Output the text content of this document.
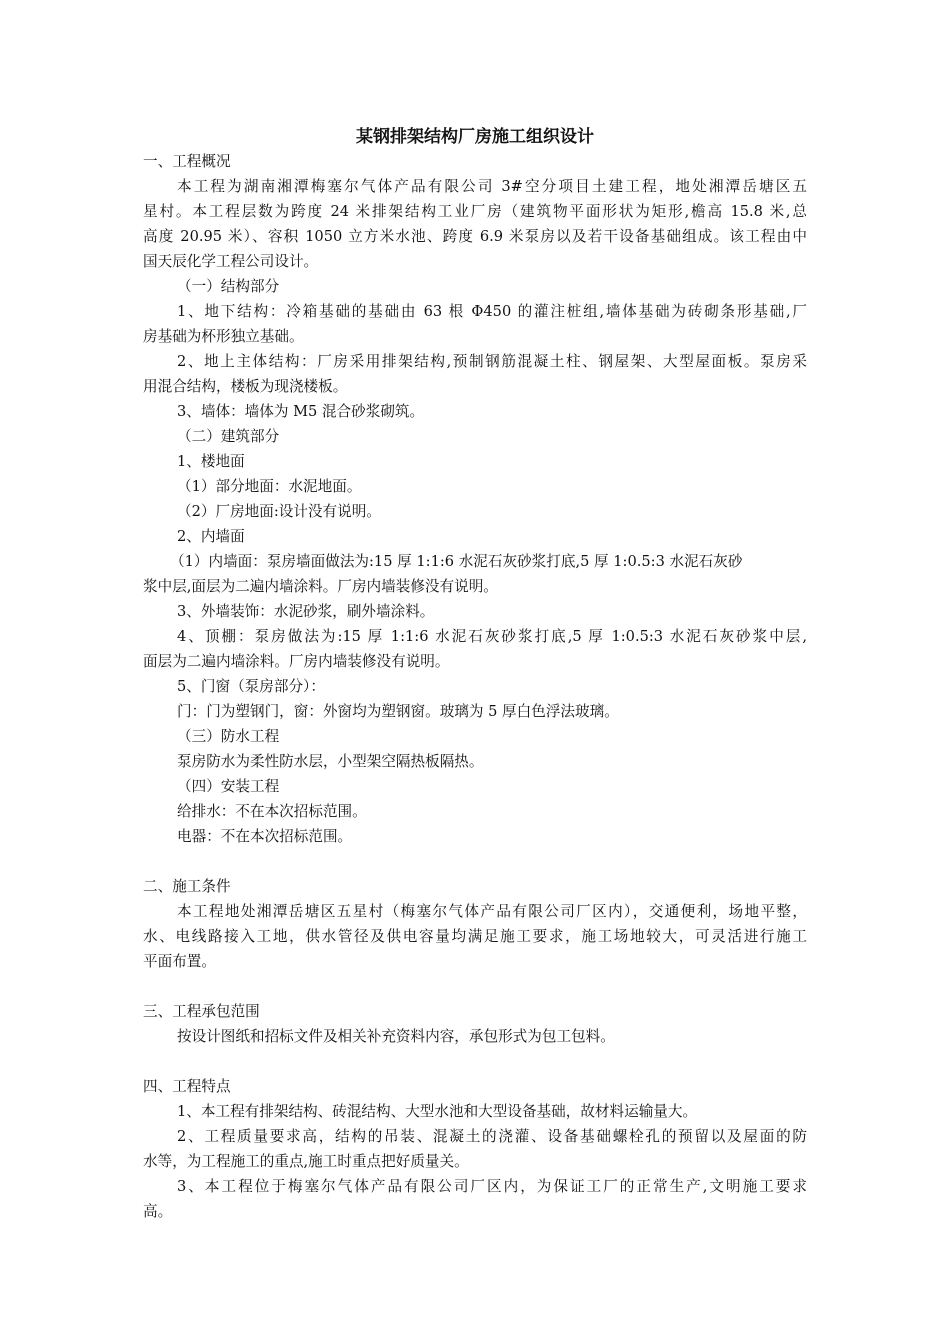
某钢排架结构厂房施工组织设计
一、工程概况
本工程为湖南湘潭梅塞尔气体产品有限公司 3#空分项目土建工程，地处湘潭岳塘区五
星村。本工程层数为跨度 24 米排架结构工业厂房（建筑物平面形状为矩形,檐高 15.8 米,总
高度 20.95 米）、容积 1050 立方米水池、跨度 6.9 米泵房以及若干设备基础组成。该工程由中
国天辰化学工程公司设计。
（一）结构部分
1、地下结构：冷箱基础的基础由 63 根 Φ450 的灌注桩组,墙体基础为砖砌条形基础,厂
房基础为杯形独立基础。
2、地上主体结构：厂房采用排架结构,预制钢筋混凝土柱、钢屋架、大型屋面板。泵房采
用混合结构，楼板为现浇楼板。
3、墙体：墙体为 M5 混合砂浆砌筑。
（二）建筑部分
1、楼地面
（1）部分地面：水泥地面。
（2）厂房地面:设计没有说明。
2、内墙面
（1）内墙面：泵房墙面做法为:15 厚 1:1:6 水泥石灰砂浆打底,5 厚 1:0.5:3 水泥石灰砂
浆中层,面层为二遍内墙涂料。厂房内墙装修没有说明。
3、外墙装饰：水泥砂浆，刷外墙涂料。
4、顶棚：泵房做法为:15 厚 1:1:6 水泥石灰砂浆打底,5 厚 1:0.5:3 水泥石灰砂浆中层,
面层为二遍内墙涂料。厂房内墙装修没有说明。
5、门窗（泵房部分）：
门：门为塑钢门，窗：外窗均为塑钢窗。玻璃为 5 厚白色浮法玻璃。
（三）防水工程
泵房防水为柔性防水层，小型架空隔热板隔热。
（四）安装工程
给排水：不在本次招标范围。
电器：不在本次招标范围。
二、施工条件
本工程地处湘潭岳塘区五星村（梅塞尔气体产品有限公司厂区内），交通便利，场地平整，
水、电线路接入工地，供水管径及供电容量均满足施工要求，施工场地较大，可灵活进行施工
平面布置。
三、工程承包范围
按设计图纸和招标文件及相关补充资料内容，承包形式为包工包料。
四、工程特点
1、本工程有排架结构、砖混结构、大型水池和大型设备基础，故材料运输量大。
2、工程质量要求高，结构的吊装、混凝土的浇灌、设备基础螺栓孔的预留以及屋面的防
水等，为工程施工的重点,施工时重点把好质量关。
3、本工程位于梅塞尔气体产品有限公司厂区内，为保证工厂的正常生产,文明施工要求
高。
